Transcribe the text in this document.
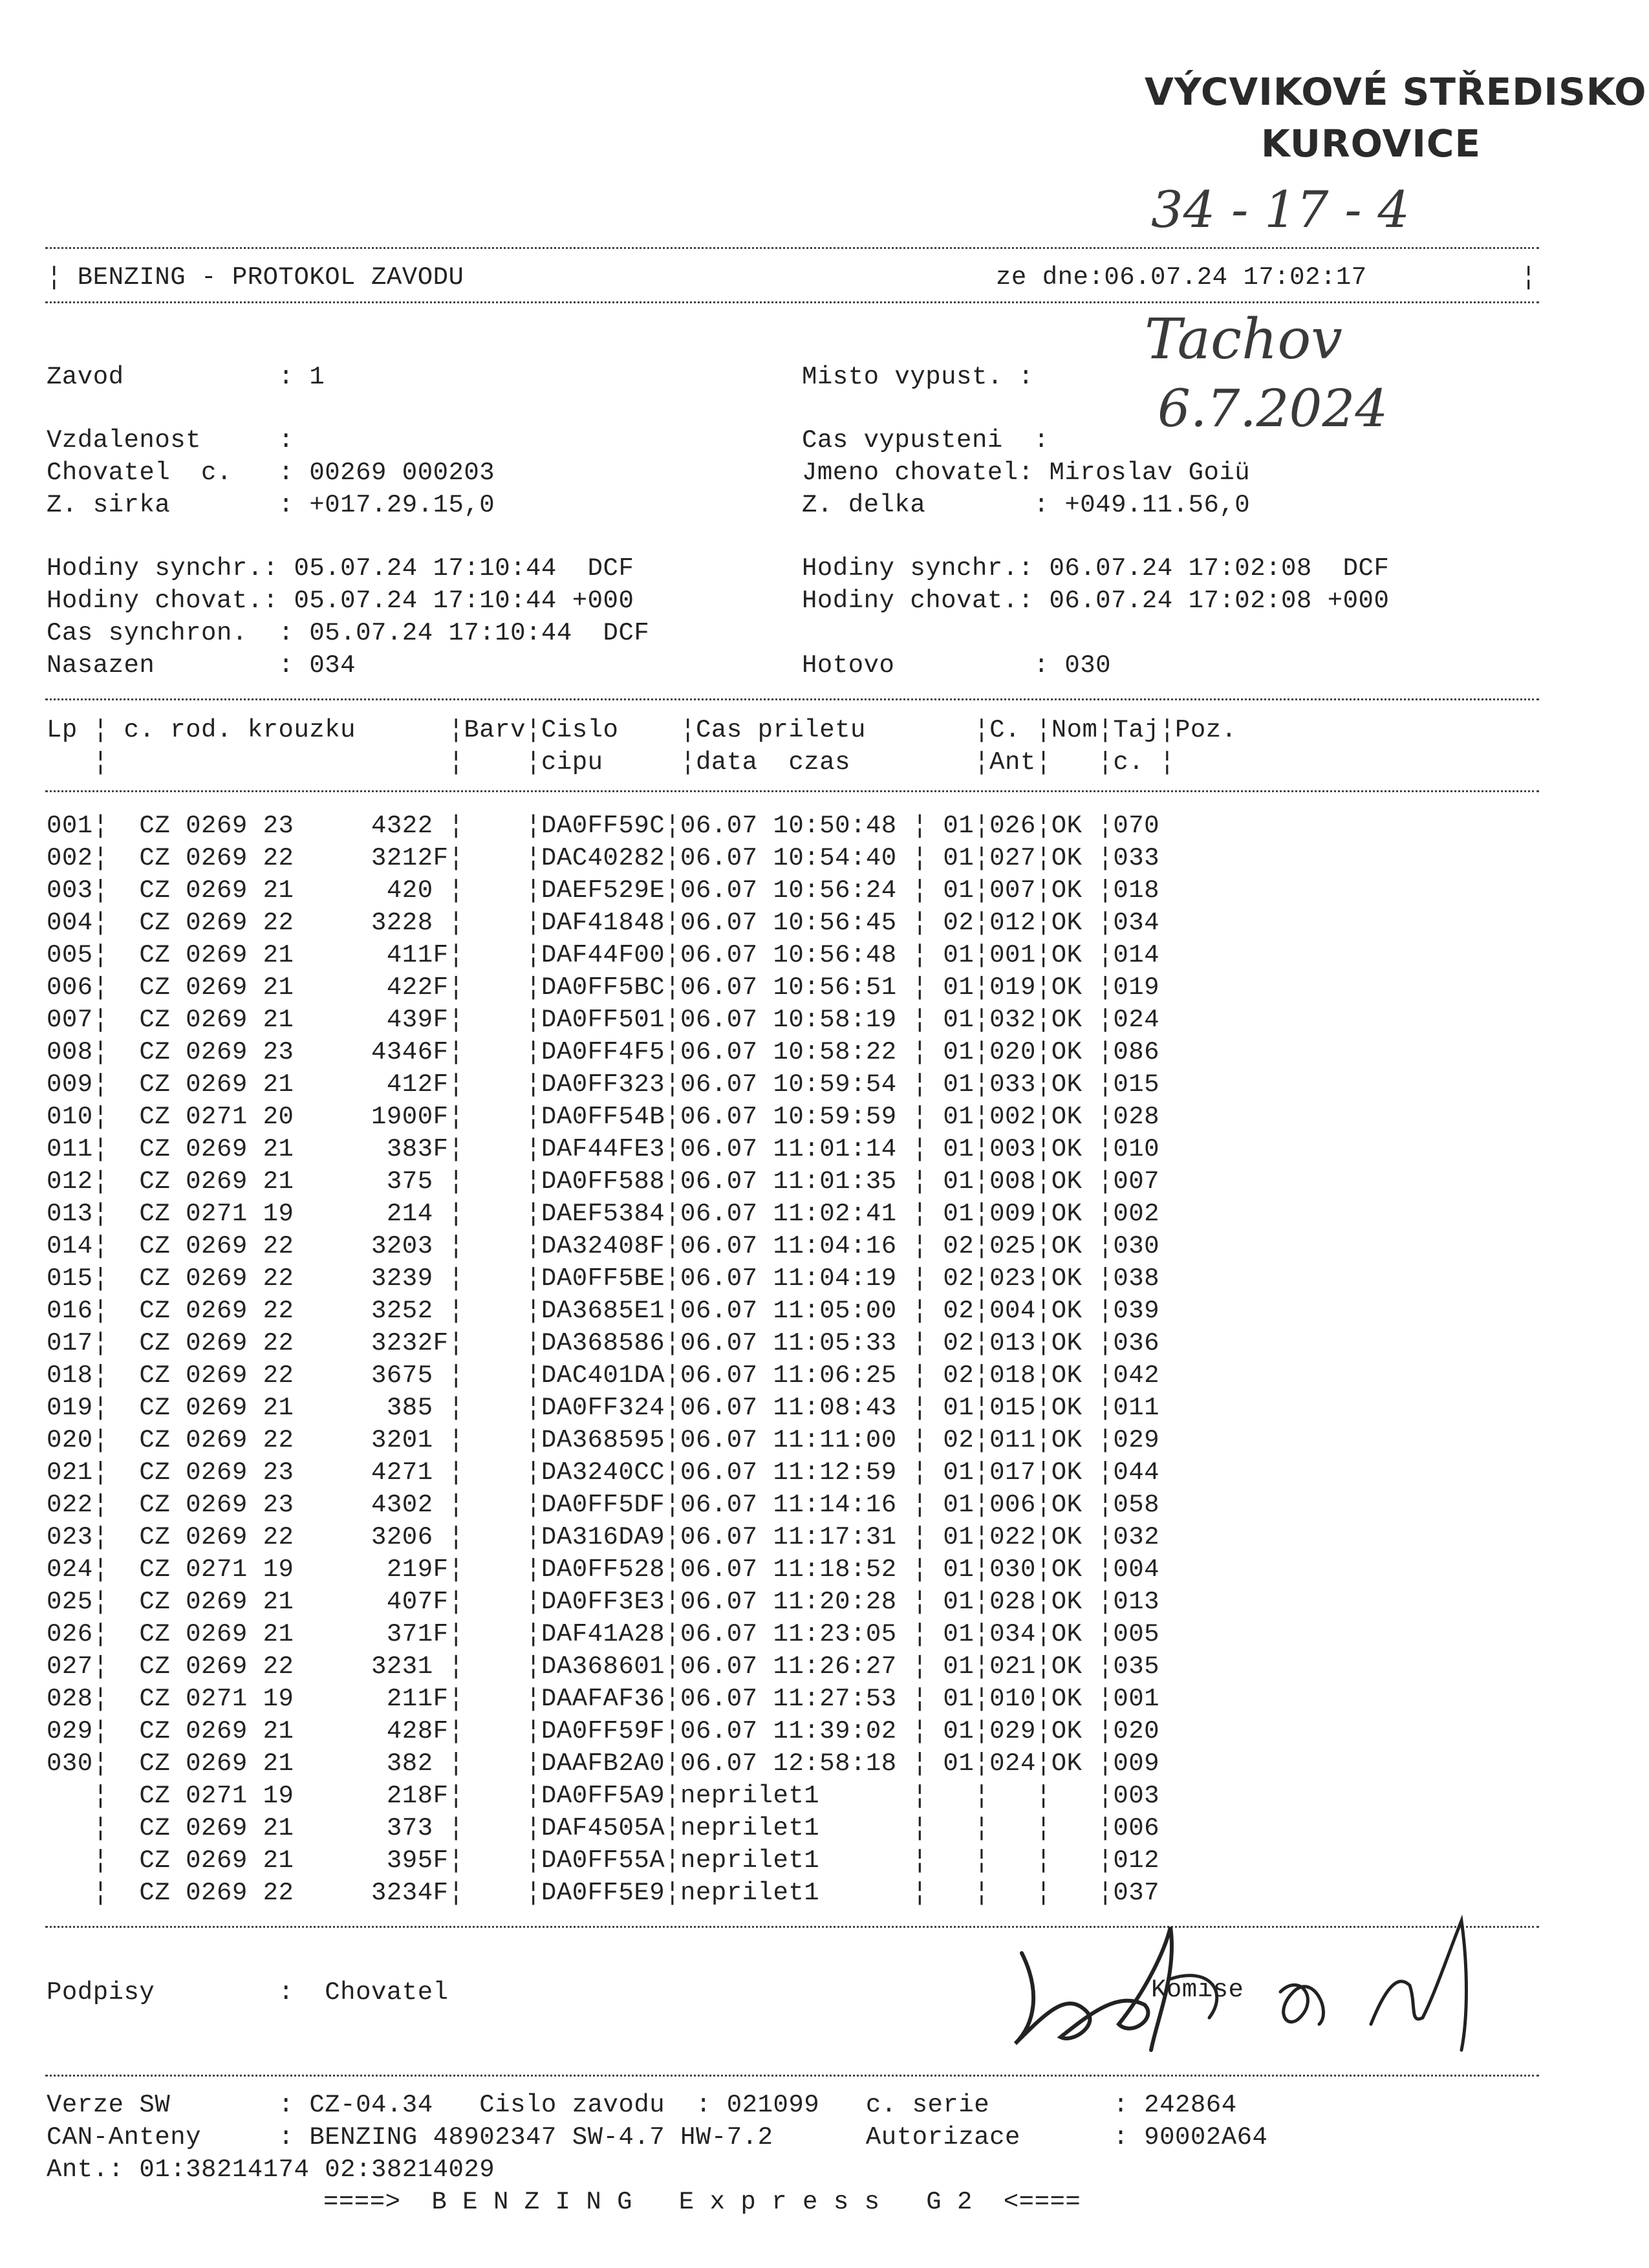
VÝCVIKOVÉ STŘEDISKO
KUROVICE
34 - 17 - 4
¦ BENZING - PROTOKOL ZAVODU	ze dne:06.07.24 17:02:17	¦
Tachov
6.7.2024
Zavod          : 1	Misto vypust. :
Vzdalenost     :	Cas vypusteni  :
Chovatel  c.   : 00269 000203	Jmeno chovatel: Miroslav Goiü
Z. sirka       : +017.29.15,0	Z. delka       : +049.11.56,0
Hodiny synchr.: 05.07.24 17:10:44  DCF	Hodiny synchr.: 06.07.24 17:02:08  DCF
Hodiny chovat.: 05.07.24 17:10:44 +000	Hodiny chovat.: 06.07.24 17:02:08 +000
Cas synchron.  : 05.07.24 17:10:44  DCF
Nasazen        : 034	Hotovo         : 030
Lp ¦ c. rod. krouzku      ¦Barv¦Cislo    ¦Cas priletu       ¦C. ¦Nom¦Taj¦Poz.
¦                      ¦    ¦cipu     ¦data  czas        ¦Ant¦   ¦c. ¦
001¦  CZ 0269 23     4322 ¦    ¦DA0FF59C¦06.07 10:50:48 ¦ 01¦026¦OK ¦070
002¦  CZ 0269 22     3212F¦    ¦DAC40282¦06.07 10:54:40 ¦ 01¦027¦OK ¦033
003¦  CZ 0269 21      420 ¦    ¦DAEF529E¦06.07 10:56:24 ¦ 01¦007¦OK ¦018
004¦  CZ 0269 22     3228 ¦    ¦DAF41848¦06.07 10:56:45 ¦ 02¦012¦OK ¦034
005¦  CZ 0269 21      411F¦    ¦DAF44F00¦06.07 10:56:48 ¦ 01¦001¦OK ¦014
006¦  CZ 0269 21      422F¦    ¦DA0FF5BC¦06.07 10:56:51 ¦ 01¦019¦OK ¦019
007¦  CZ 0269 21      439F¦    ¦DA0FF501¦06.07 10:58:19 ¦ 01¦032¦OK ¦024
008¦  CZ 0269 23     4346F¦    ¦DA0FF4F5¦06.07 10:58:22 ¦ 01¦020¦OK ¦086
009¦  CZ 0269 21      412F¦    ¦DA0FF323¦06.07 10:59:54 ¦ 01¦033¦OK ¦015
010¦  CZ 0271 20     1900F¦    ¦DA0FF54B¦06.07 10:59:59 ¦ 01¦002¦OK ¦028
011¦  CZ 0269 21      383F¦    ¦DAF44FE3¦06.07 11:01:14 ¦ 01¦003¦OK ¦010
012¦  CZ 0269 21      375 ¦    ¦DA0FF588¦06.07 11:01:35 ¦ 01¦008¦OK ¦007
013¦  CZ 0271 19      214 ¦    ¦DAEF5384¦06.07 11:02:41 ¦ 01¦009¦OK ¦002
014¦  CZ 0269 22     3203 ¦    ¦DA32408F¦06.07 11:04:16 ¦ 02¦025¦OK ¦030
015¦  CZ 0269 22     3239 ¦    ¦DA0FF5BE¦06.07 11:04:19 ¦ 02¦023¦OK ¦038
016¦  CZ 0269 22     3252 ¦    ¦DA3685E1¦06.07 11:05:00 ¦ 02¦004¦OK ¦039
017¦  CZ 0269 22     3232F¦    ¦DA368586¦06.07 11:05:33 ¦ 02¦013¦OK ¦036
018¦  CZ 0269 22     3675 ¦    ¦DAC401DA¦06.07 11:06:25 ¦ 02¦018¦OK ¦042
019¦  CZ 0269 21      385 ¦    ¦DA0FF324¦06.07 11:08:43 ¦ 01¦015¦OK ¦011
020¦  CZ 0269 22     3201 ¦    ¦DA368595¦06.07 11:11:00 ¦ 02¦011¦OK ¦029
021¦  CZ 0269 23     4271 ¦    ¦DA3240CC¦06.07 11:12:59 ¦ 01¦017¦OK ¦044
022¦  CZ 0269 23     4302 ¦    ¦DA0FF5DF¦06.07 11:14:16 ¦ 01¦006¦OK ¦058
023¦  CZ 0269 22     3206 ¦    ¦DA316DA9¦06.07 11:17:31 ¦ 01¦022¦OK ¦032
024¦  CZ 0271 19      219F¦    ¦DA0FF528¦06.07 11:18:52 ¦ 01¦030¦OK ¦004
025¦  CZ 0269 21      407F¦    ¦DA0FF3E3¦06.07 11:20:28 ¦ 01¦028¦OK ¦013
026¦  CZ 0269 21      371F¦    ¦DAF41A28¦06.07 11:23:05 ¦ 01¦034¦OK ¦005
027¦  CZ 0269 22     3231 ¦    ¦DA368601¦06.07 11:26:27 ¦ 01¦021¦OK ¦035
028¦  CZ 0271 19      211F¦    ¦DAAFAF36¦06.07 11:27:53 ¦ 01¦010¦OK ¦001
029¦  CZ 0269 21      428F¦    ¦DA0FF59F¦06.07 11:39:02 ¦ 01¦029¦OK ¦020
030¦  CZ 0269 21      382 ¦    ¦DAAFB2A0¦06.07 12:58:18 ¦ 01¦024¦OK ¦009
¦  CZ 0271 19      218F¦    ¦DA0FF5A9¦neprilet1      ¦   ¦   ¦   ¦003
¦  CZ 0269 21      373 ¦    ¦DAF4505A¦neprilet1      ¦   ¦   ¦   ¦006
¦  CZ 0269 21      395F¦    ¦DA0FF55A¦neprilet1      ¦   ¦   ¦   ¦012
¦  CZ 0269 22     3234F¦    ¦DA0FF5E9¦neprilet1      ¦   ¦   ¦   ¦037
Podpisy        :  Chovatel	Komise
Verze SW       : CZ-04.34   Cislo zavodu  : 021099   c. serie        : 242864
CAN-Anteny     : BENZING 48902347 SW-4.7 HW-7.2      Autorizace      : 90002A64
Ant.: 01:38214174 02:38214029
====>  B E N Z I N G   E x p r e s s   G 2  <====
